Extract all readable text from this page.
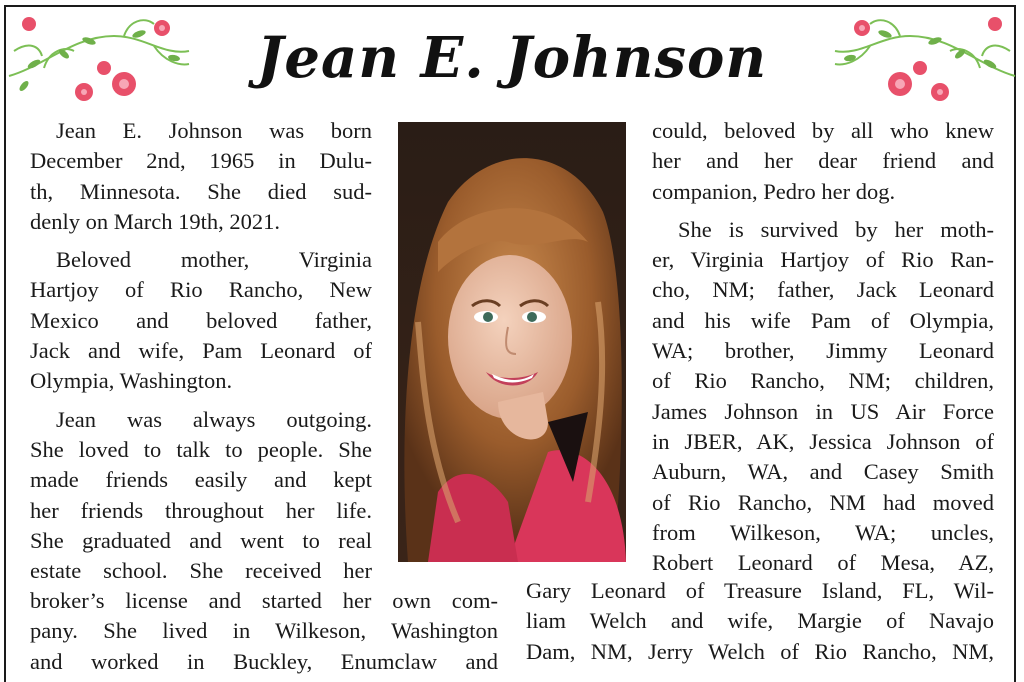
Jean E. Johnson
Jean E. Johnson was born
December 2nd, 1965 in Dulu-
th, Minnesota. She died sud-
denly on March 19th, 2021.
Beloved mother, Virginia
Hartjoy of Rio Rancho, New
Mexico and beloved father,
Jack and wife, Pam Leonard of
Olympia, Washington.
Jean was always outgoing.
She loved to talk to people. She
made friends easily and kept
her friends throughout her life.
She graduated and went to real
estate school. She received her
broker’s license and started her own com-
pany. She lived in Wilkeson, Washington
and worked in Buckley, Enumclaw and
could, beloved by all who knew
her and her dear friend and
companion, Pedro her dog.
She is survived by her moth-
er, Virginia Hartjoy of Rio Ran-
cho, NM; father, Jack Leonard
and his wife Pam of Olympia,
WA; brother, Jimmy Leonard
of Rio Rancho, NM; children,
James Johnson in US Air Force
in JBER, AK, Jessica Johnson of
Auburn, WA, and Casey Smith
of Rio Rancho, NM had moved
from Wilkeson, WA; uncles,
Robert Leonard of Mesa, AZ,
Gary Leonard of Treasure Island, FL, Wil-
liam Welch and wife, Margie of Navajo
Dam, NM, Jerry Welch of Rio Rancho, NM,
